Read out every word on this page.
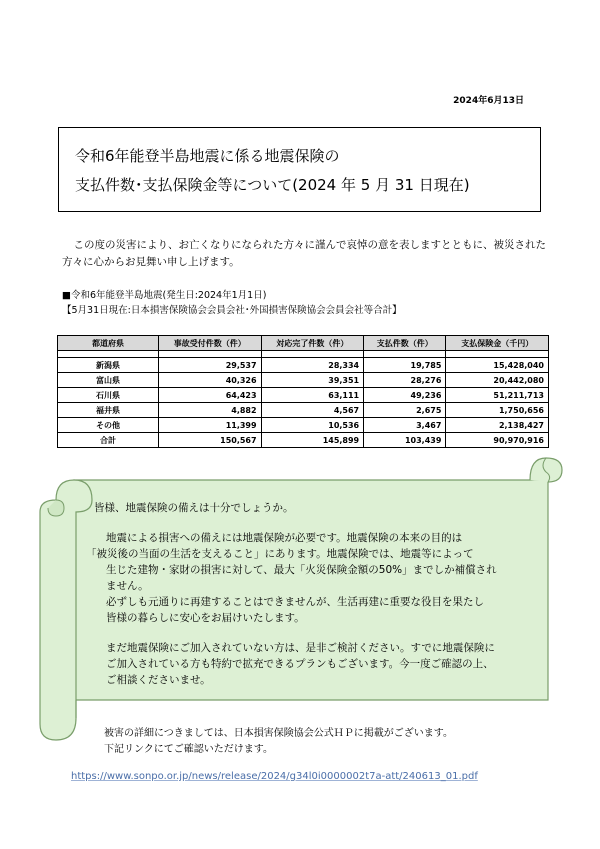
2024年6月13日
令和6年能登半島地震に係る地震保険の
支払件数･支払保険金等について(2024 年 5 月 31 日現在)

この度の災害により、お亡くなりになられた方々に謹んで哀悼の意を表しますとともに、被災された方々に心からお見舞い申し上げます。

■令和6年能登半島地震(発生日:2024年1月1日)
【5月31日現在:日本損害保険協会会員会社･外国損害保険協会会員会社等合計】
都道府県	事故受付件数（件）	対応完了件数（件）	支払件数（件）	支払保険金（千円）

新潟県	29,537	28,334	19,785	15,428,040
富山県	40,326	39,351	28,276	20,442,080
石川県	64,423	63,111	49,236	51,211,713
福井県	4,882	4,567	2,675	1,750,656
その他	11,399	10,536	3,467	2,138,427
合計	150,567	145,899	103,439	90,970,916

皆様、地震保険の備えは十分でしょうか。

地震による損害への備えには地震保険が必要です。地震保険の本来の目的は

「被災後の当面の生活を支えること」にあります。地震保険では、地震等によって

生じた建物・家財の損害に対して、最大「火災保険金額の50%」までしか補償され

ません。

必ずしも元通りに再建することはできませんが、生活再建に重要な役目を果たし

皆様の暮らしに安心をお届けいたします。

まだ地震保険にご加入されていない方は、是非ご検討ください。すでに地震保険に

ご加入されている方も特約で拡充できるプランもございます。今一度ご確認の上、

ご相談くださいませ。

被害の詳細につきましては、日本損害保険協会公式ＨＰに掲載がございます。
下記リンクにてご確認いただけます。
https://www.sonpo.or.jp/news/release/2024/g34l0i0000002t7a-att/240613_01.pdf
